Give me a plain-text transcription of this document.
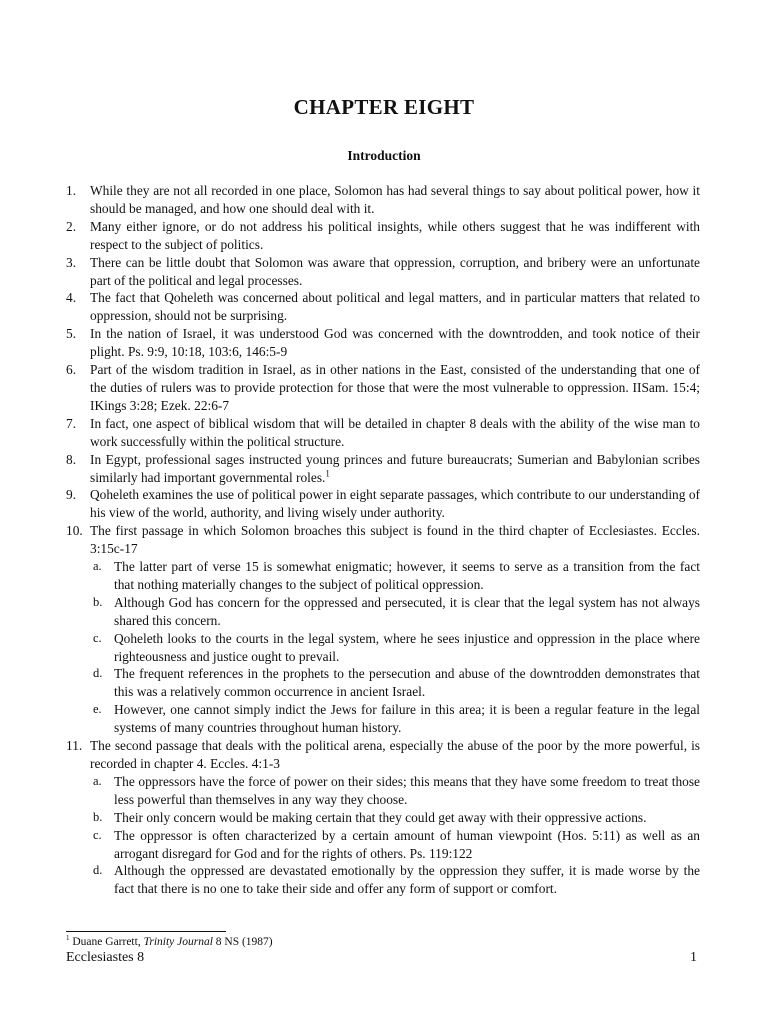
CHAPTER EIGHT
Introduction
1. While they are not all recorded in one place, Solomon has had several things to say about political power, how it should be managed, and how one should deal with it.
2. Many either ignore, or do not address his political insights, while others suggest that he was indifferent with respect to the subject of politics.
3. There can be little doubt that Solomon was aware that oppression, corruption, and bribery were an unfortunate part of the political and legal processes.
4. The fact that Qoheleth was concerned about political and legal matters, and in particular matters that related to oppression, should not be surprising.
5. In the nation of Israel, it was understood God was concerned with the downtrodden, and took notice of their plight. Ps. 9:9, 10:18, 103:6, 146:5-9
6. Part of the wisdom tradition in Israel, as in other nations in the East, consisted of the understanding that one of the duties of rulers was to provide protection for those that were the most vulnerable to oppression. IISam. 15:4; IKings 3:28; Ezek. 22:6-7
7. In fact, one aspect of biblical wisdom that will be detailed in chapter 8 deals with the ability of the wise man to work successfully within the political structure.
8. In Egypt, professional sages instructed young princes and future bureaucrats; Sumerian and Babylonian scribes similarly had important governmental roles.$^1$
9. Qoheleth examines the use of political power in eight separate passages, which contribute to our understanding of his view of the world, authority, and living wisely under authority.
10. The first passage in which Solomon broaches this subject is found in the third chapter of Ecclesiastes. Eccles. 3:15c-17
a. The latter part of verse 15 is somewhat enigmatic; however, it seems to serve as a transition from the fact that nothing materially changes to the subject of political oppression.
b. Although God has concern for the oppressed and persecuted, it is clear that the legal system has not always shared this concern.
c. Qoheleth looks to the courts in the legal system, where he sees injustice and oppression in the place where righteousness and justice ought to prevail.
d. The frequent references in the prophets to the persecution and abuse of the downtrodden demonstrates that this was a relatively common occurrence in ancient Israel.
e. However, one cannot simply indict the Jews for failure in this area; it is been a regular feature in the legal systems of many countries throughout human history.
11. The second passage that deals with the political arena, especially the abuse of the poor by the more powerful, is recorded in chapter 4. Eccles. 4:1-3
a. The oppressors have the force of power on their sides; this means that they have some freedom to treat those less powerful than themselves in any way they choose.
b. Their only concern would be making certain that they could get away with their oppressive actions.
c. The oppressor is often characterized by a certain amount of human viewpoint (Hos. 5:11) as well as an arrogant disregard for God and for the rights of others. Ps. 119:122
d. Although the oppressed are devastated emotionally by the oppression they suffer, it is made worse by the fact that there is no one to take their side and offer any form of support or comfort.
$^1$ Duane Garrett, Trinity Journal 8 NS (1987)
Ecclesiastes 8	1
